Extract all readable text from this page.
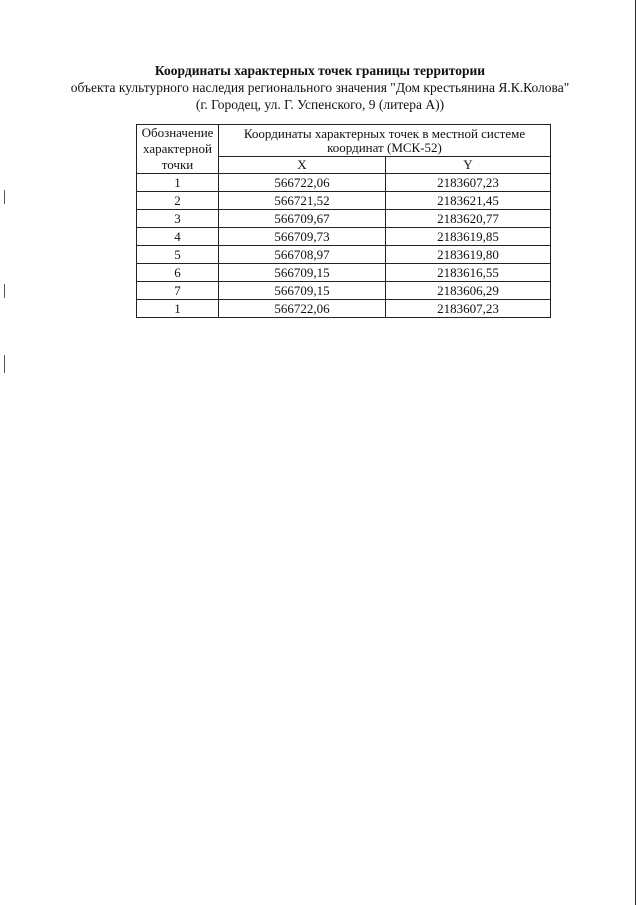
Координаты характерных точек границы территории
объекта культурного наследия регионального значения "Дом крестьянина Я.К.Колова"
(г. Городец, ул. Г. Успенского, 9 (литера А))
Обозначение характерной точки	Координаты характерных точек в местной системе координат (МСК-52)	
	X	Y
1	566722,06	2183607,23
2	566721,52	2183621,45
3	566709,67	2183620,77
4	566709,73	2183619,85
5	566708,97	2183619,80
6	566709,15	2183616,55
7	566709,15	2183606,29
1	566722,06	2183607,23
